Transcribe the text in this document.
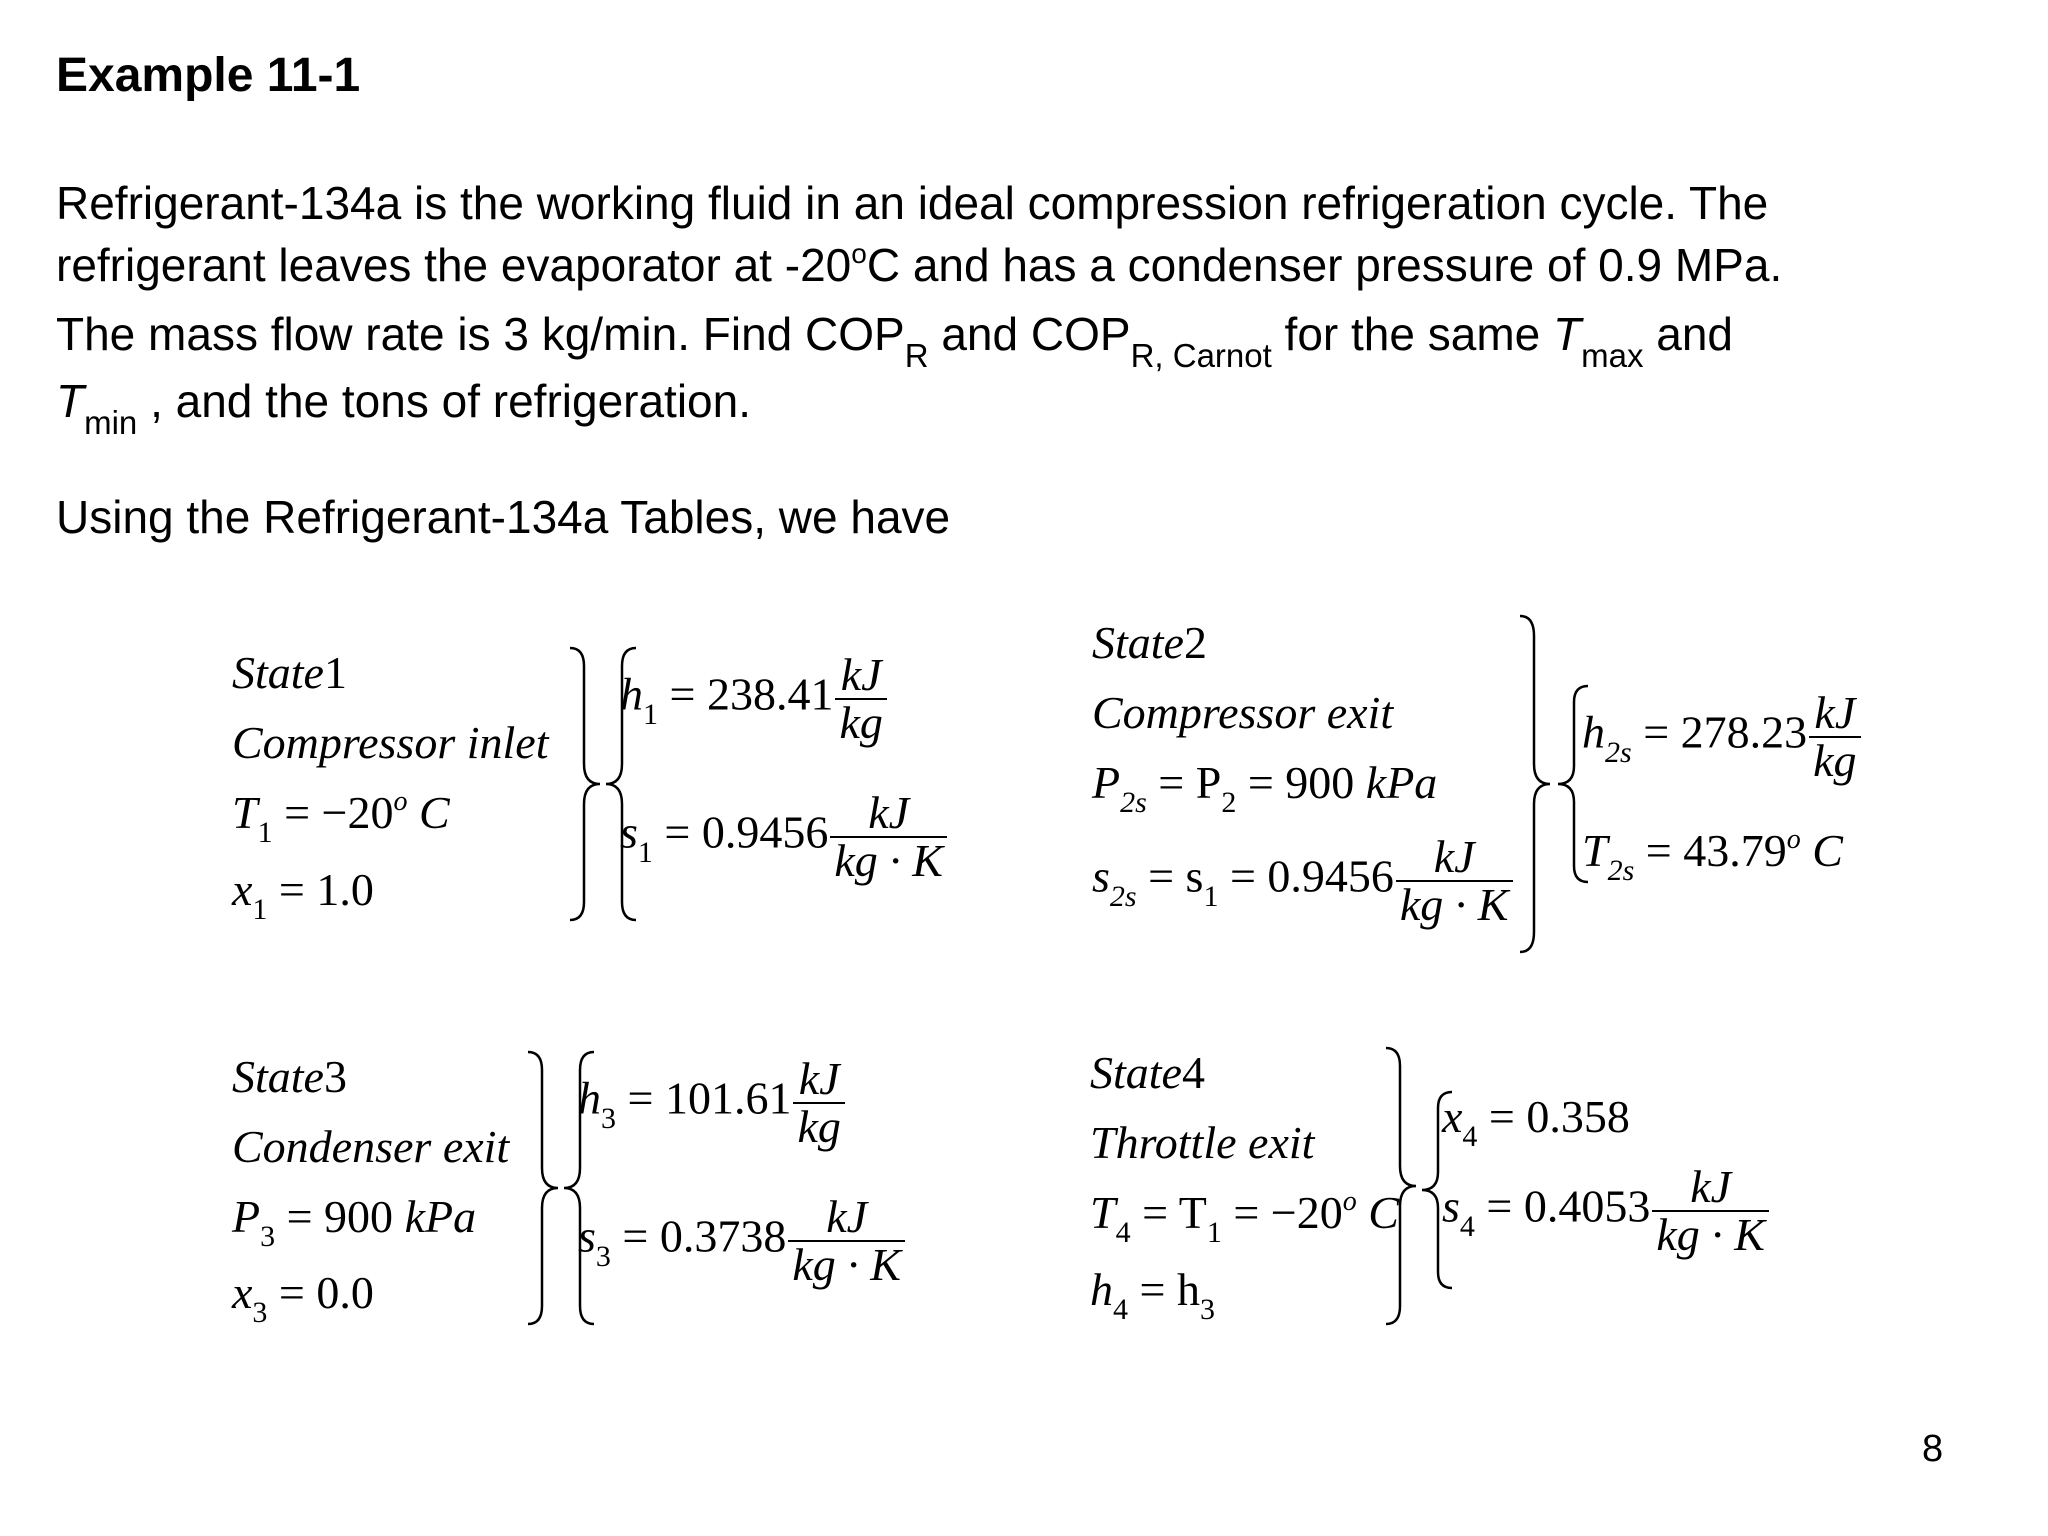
Example 11-1
Refrigerant-134a is the working fluid in an ideal compression refrigeration cycle. The
refrigerant leaves the evaporator at -20$^o$C and has a condenser pressure of 0.9 MPa.
The mass flow rate is 3 kg/min. Find $COP_R$ and $COP_{R, Carnot}$ for the same $T_{max}$ and
$T_{min}$ , and the tons of refrigeration.
Using the Refrigerant-134a Tables, we have
State1
Compressor inlet
$T_1 = -20^o$ C
$x_1 = 1.0$
$h_1 = 238.41 \frac{kJ}{kg}$
$s_1 = 0.9456 \frac{kJ}{kg \cdot K}$
State2
Compressor exit
$P_{2s} = P_2 = 900$ kPa
$s_{2s} = s_1 = 0.9456 \frac{kJ}{kg \cdot K}$
$h_{2s} = 278.23 \frac{kJ}{kg}$
$T_{2s} = 43.79^o$ C
State3
Condenser exit
$P_3 = 900$ kPa
$x_3 = 0.0$
$h_3 = 101.61 \frac{kJ}{kg}$
$s_3 = 0.3738 \frac{kJ}{kg \cdot K}$
State4
Throttle exit
$T_4 = T_1 = -20^o$ C
$h_4 = h_3$
$x_4 = 0.358$
$s_4 = 0.4053 \frac{kJ}{kg \cdot K}$
8
